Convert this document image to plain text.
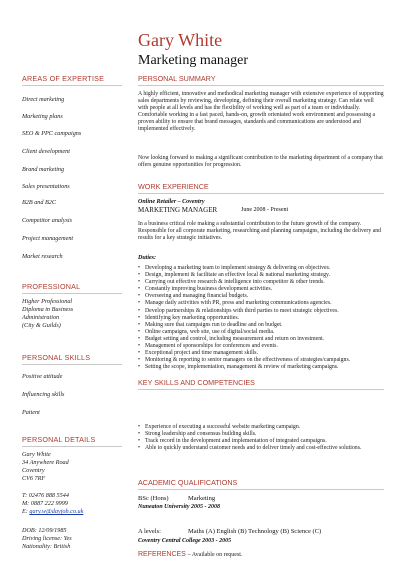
Gary White
Marketing manager
AREAS OF EXPERTISE
Direct marketing
Marketing plans
SEO & PPC campaigns
Client development
Brand marketing
Sales presentations
B2B and B2C
Competitor analysis
Project management
Market research
PROFESSIONAL
Higher Professional
Diploma in Business
Administration
(City & Guilds)
PERSONAL SKILLS
Positive attitude
Influencing skills
Patient
PERSONAL DETAILS
Gary White
34 Anywhere Road
Coventry
CV6 7RF
T: 02476 888 5544
M: 0887 222 9999
E: gary.w@dayjob.co.uk
DOB: 12/09/1985
Driving license: Yes
Nationality: British
PERSONAL SUMMARY
A highly efficient, innovative and methodical marketing manager with extensive experience of supporting sales departments by reviewing, developing, defining their overall marketing strategy. Can relate well with people at all levels and has the flexibility of working well as part of a team or individually. Comfortable working in a fast paced, hands-on, growth orientated work environment and possessing a proven ability to ensure that brand messages, standards and communications are understood and implemented effectively.
Now looking forward to making a significant contribution to the marketing department of a company that offers genuine opportunities for progression.
WORK EXPERIENCE
Online Retailer – Coventry
MARKETING MANAGER	June 2008 - Present
In a business critical role making a substantial contribution to the future growth of the company. Responsible for all corporate marketing, researching and planning campaigns, including the delivery and results for a key strategic initiatives.
Duties:
• Developing a marketing team to implement strategy & delivering on objectives.
• Design, implement & facilitate an effective local & national marketing strategy.
• Carrying out effective research & intelligence into competitor & other trends.
• Constantly improving business development activities.
• Overseeing and managing financial budgets.
• Manage daily activities with PR, press and marketing communications agencies.
• Develop partnerships & relationships with third parties to meet strategic objectives.
• Identifying key marketing opportunities.
• Making sure that campaigns run to deadline and on budget.
• Online campaigns, web site, use of digital/social media.
• Budget setting and control, including measurement and return on investment.
• Management of sponsorships for conferences and events.
• Exceptional project and time management skills.
• Monitoring & reporting to senior managers on the effectiveness of strategies/campaigns.
• Setting the scope, implementation, management & review of marketing campaigns.
KEY SKILLS AND COMPETENCIES
• Experience of executing a successful website marketing campaign.
• Strong leadership and consensus building skills.
• Track record in the development and implementation of integrated campaigns.
• Able to quickly understand customer needs and to deliver timely and cost-effective solutions.
ACADEMIC QUALIFICATIONS
BSc (Hons)	Marketing
Nuneaton University 2005 - 2008
A levels:	Maths (A) English (B) Technology (B) Science (C)
Coventry Central College 2003 - 2005
REFERENCES – Available on request.
